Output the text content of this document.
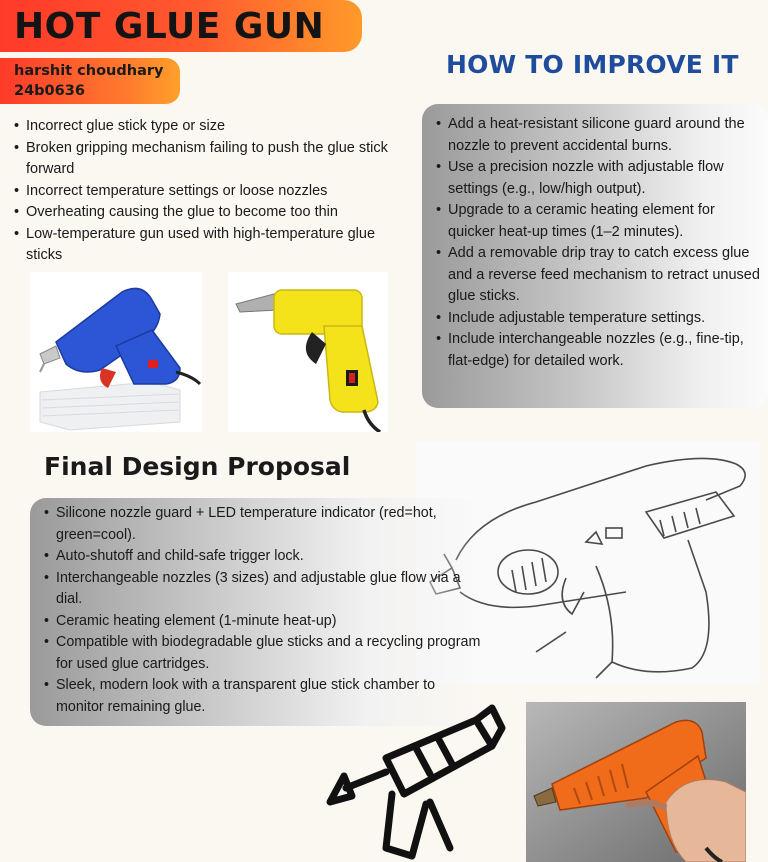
HOT GLUE GUN
harshit choudhary
24b0636
HOW TO IMPROVE IT
• Incorrect glue stick type or size
• Broken gripping mechanism failing to push the glue stick forward
• Incorrect temperature settings or loose nozzles
• Overheating causing the glue to become too thin
• Low-temperature gun used with high-temperature glue sticks
• Add a heat-resistant silicone guard around the nozzle to prevent accidental burns.
• Use a precision nozzle with adjustable flow settings (e.g., low/high output).
• Upgrade to a ceramic heating element for quicker heat-up times (1–2 minutes).
• Add a removable drip tray to catch excess glue and a reverse feed mechanism to retract unused glue sticks.
• Include adjustable temperature settings.
• Include interchangeable nozzles (e.g., fine-tip, flat-edge) for detailed work.
Final Design Proposal
• Silicone nozzle guard + LED temperature indicator (red=hot, green=cool).
• Auto-shutoff and child-safe trigger lock.
• Interchangeable nozzles (3 sizes) and adjustable glue flow via a dial.
• Ceramic heating element (1-minute heat-up)
• Compatible with biodegradable glue sticks and a recycling program for used glue cartridges.
• Sleek, modern look with a transparent glue stick chamber to monitor remaining glue.
